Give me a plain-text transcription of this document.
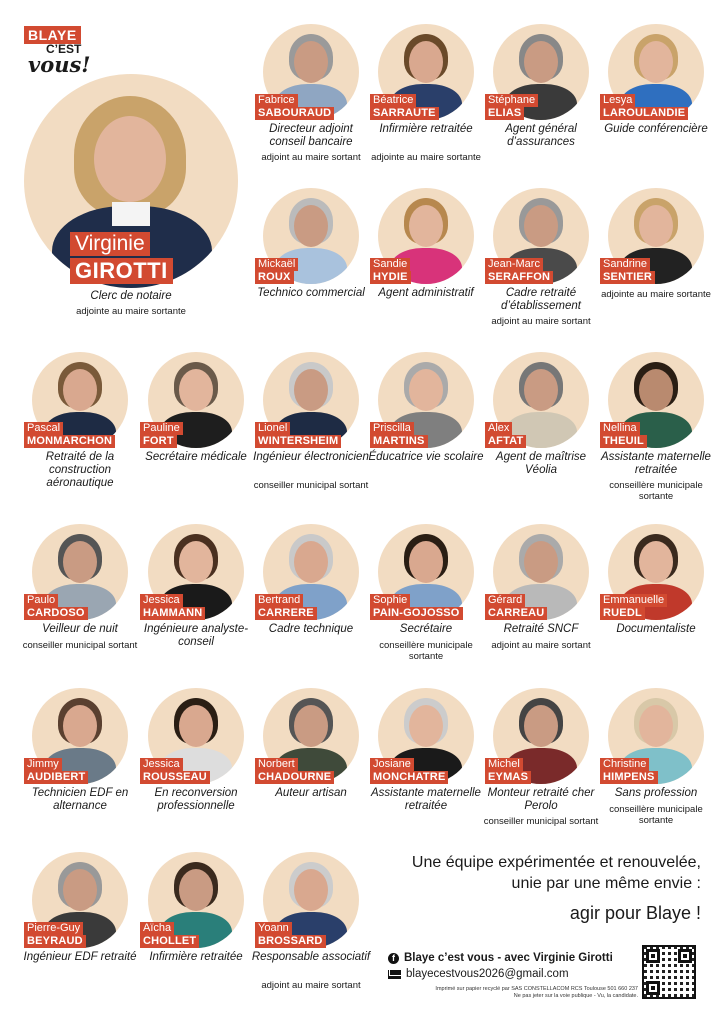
BLAYE
C’EST
vous!
Virginie
GIROTTI
Clerc de notaire
adjointe au maire sortante
Fabrice
SABOURAUD
Directeur adjoint conseil bancaire
adjoint au maire sortant
Béatrice
SARRAUTE
Infirmière retraitée
adjointe au maire sortante
Stéphane
ELIAS
Agent général d’assurances
Lesya
LAROULANDIE
Guide conférencière
Mickaël
ROUX
Technico commercial
Sandie
HYDIE
Agent administratif
Jean-Marc
SERAFFON
Cadre retraité d’établissement
adjoint au maire sortant
Sandrine
SENTIER
adjointe au maire sortante
Pascal
MONMARCHON
Retraité de la construction aéronautique
Pauline
FORT
Secrétaire médicale
Lionel
WINTERSHEIM
Ingénieur électronicien
conseiller municipal sortant
Priscilla
MARTINS
Éducatrice vie scolaire
Alex
AFTAT
Agent de maîtrise Véolia
Nellina
THEUIL
Assistante maternelle retraitée
conseillère municipale sortante
Paulo
CARDOSO
Veilleur de nuit
conseiller municipal sortant
Jessica
HAMMANN
Ingénieure analyste-conseil
Bertrand
CARRERE
Cadre technique
Sophie
PAIN-GOJOSSO
Secrétaire
conseillère municipale sortante
Gérard
CARREAU
Retraité SNCF
adjoint au maire sortant
Emmanuelle
RUEDL
Documentaliste
Jimmy
AUDIBERT
Technicien EDF en alternance
Jessica
ROUSSEAU
En reconversion professionnelle
Norbert
CHADOURNE
Auteur artisan
Josiane
MONCHATRE
Assistante maternelle retraitée
Michel
EYMAS
Monteur retraité cher Perolo
conseiller municipal sortant
Christine
HIMPENS
Sans profession
conseillère municipale sortante
Pierre-Guy
BEYRAUD
Ingénieur EDF retraité
Aïcha
CHOLLET
Infirmière retraitée
Yoann
BROSSARD
Responsable associatif
adjoint au maire sortant
Une équipe expérimentée et renouvelée,
unie par une même envie :
agir pour Blaye !
f Blaye c’est vous - avec Virginie Girotti
blayecestvous2026@gmail.com
Imprimé sur papier recyclé par SAS CONSTELLACOM RCS Toulouse 501 660 237
Ne pas jeter sur la voie publique - Vu, la candidate.
